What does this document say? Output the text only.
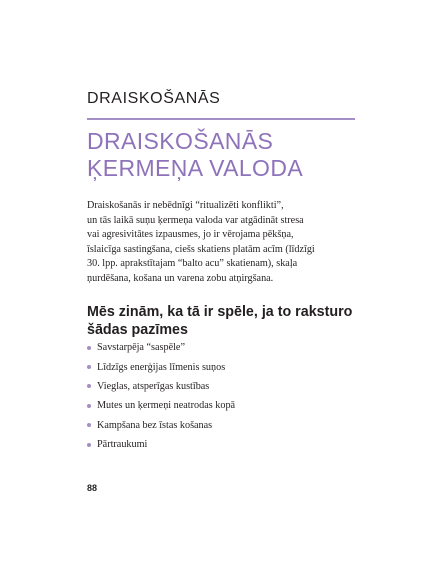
DRAISKOŠANĀS
DRAISKOŠANĀS
ĶERMEŅA VALODA
Draiskošanās ir nebēdnīgi “ritualizēti konflikti”,
un tās laikā suņu ķermeņa valoda var atgādināt stresa
vai agresivitātes izpausmes, jo ir vērojama pēkšņa,
īslaicīga sastingšana, ciešs skatiens platām acīm (līdzīgi
30. lpp. aprakstītajam “balto acu” skatienam), skaļa
ņurdēšana, košana un varena zobu atņirgšana.
Mēs zinām, ka tā ir spēle, ja to raksturo
šādas pazīmes
Savstarpēja “saspēle”
Līdzīgs enerģijas līmenis suņos
Vieglas, atsperīgas kustības
Mutes un ķermeņi neatrodas kopā
Kampšana bez īstas košanas
Pārtraukumi
88
